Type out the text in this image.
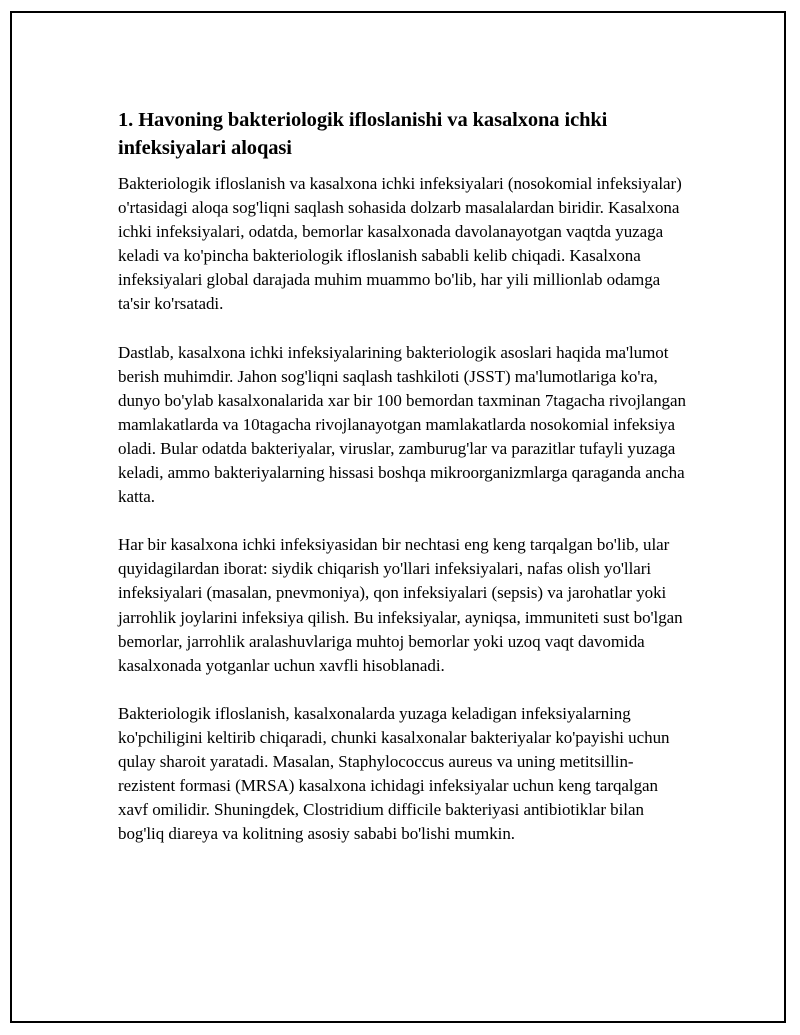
1. Havoning bakteriologik ifloslanishi va kasalxona ichki infeksiyalari aloqasi

Bakteriologik ifloslanish va kasalxona ichki infeksiyalari (nosokomial infeksiyalar) o'rtasidagi aloqa sog'liqni saqlash sohasida dolzarb masalalardan biridir. Kasalxona ichki infeksiyalari, odatda, bemorlar kasalxonada davolanayotgan vaqtda yuzaga keladi va ko'pincha bakteriologik ifloslanish sababli kelib chiqadi. Kasalxona infeksiyalari global darajada muhim muammo bo'lib, har yili millionlab odamga ta'sir ko'rsatadi.

Dastlab, kasalxona ichki infeksiyalarining bakteriologik asoslari haqida ma'lumot berish muhimdir. Jahon sog'liqni saqlash tashkiloti (JSST) ma'lumotlariga ko'ra, dunyo bo'ylab kasalxonalarida xar bir 100 bemordan taxminan 7tagacha rivojlangan mamlakatlarda va 10tagacha rivojlanayotgan mamlakatlarda nosokomial infeksiya oladi. Bular odatda bakteriyalar, viruslar, zamburug'lar va parazitlar tufayli yuzaga keladi, ammo bakteriyalarning hissasi boshqa mikroorganizmlarga qaraganda ancha katta.

Har bir kasalxona ichki infeksiyasidan bir nechtasi eng keng tarqalgan bo'lib, ular quyidagilardan iborat: siydik chiqarish yo'llari infeksiyalari, nafas olish yo'llari infeksiyalari (masalan, pnevmoniya), qon infeksiyalari (sepsis) va jarohatlar yoki jarrohlik joylarini infeksiya qilish. Bu infeksiyalar, ayniqsa, immuniteti sust bo'lgan bemorlar, jarrohlik aralashuvlariga muhtoj bemorlar yoki uzoq vaqt davomida kasalxonada yotganlar uchun xavfli hisoblanadi.

Bakteriologik ifloslanish, kasalxonalarda yuzaga keladigan infeksiyalarning ko'pchiligini keltirib chiqaradi, chunki kasalxonalar bakteriyalar ko'payishi uchun qulay sharoit yaratadi. Masalan, Staphylococcus aureus va uning metitsillin-rezistent formasi (MRSA) kasalxona ichidagi infeksiyalar uchun keng tarqalgan xavf omilidir. Shuningdek, Clostridium difficile bakteriyasi antibiotiklar bilan bog'liq diareya va kolitning asosiy sababi bo'lishi mumkin.
